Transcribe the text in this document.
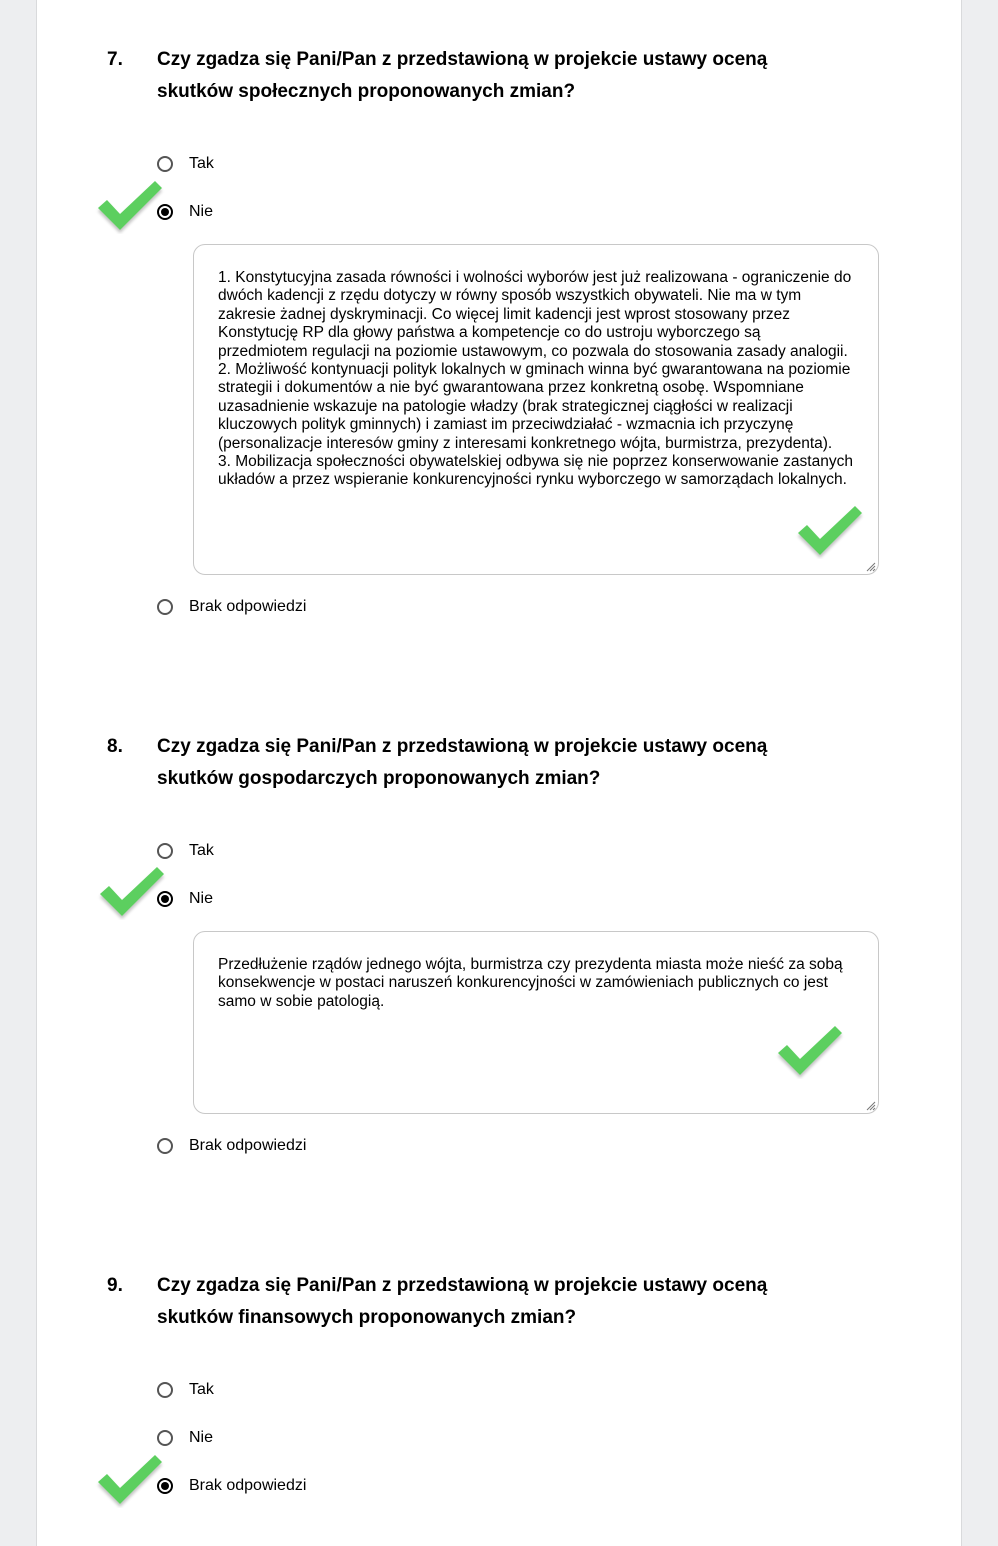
7. Czy zgadza się Pani/Pan z przedstawioną w projekcie ustawy oceną skutków społecznych proponowanych zmian?
Tak
Nie
1. Konstytucyjna zasada równości i wolności wyborów jest już realizowana - ograniczenie do dwóch kadencji z rzędu dotyczy w równy sposób wszystkich obywateli. Nie ma w tym zakresie żadnej dyskryminacji. Co więcej limit kadencji jest wprost stosowany przez Konstytucję RP dla głowy państwa a kompetencje co do ustroju wyborczego są przedmiotem regulacji na poziomie ustawowym, co pozwala do stosowania zasady analogii.
2. Możliwość kontynuacji polityk lokalnych w gminach winna być gwarantowana na poziomie strategii i dokumentów a nie być gwarantowana przez konkretną osobę. Wspomniane uzasadnienie wskazuje na patologie władzy (brak strategicznej ciągłości w realizacji kluczowych polityk gminnych) i zamiast im przeciwdziałać - wzmacnia ich przyczynę (personalizacje interesów gminy z interesami konkretnego wójta, burmistrza, prezydenta).
3. Mobilizacja społeczności obywatelskiej odbywa się nie poprzez konserwowanie zastanych układów a przez wspieranie konkurencyjności rynku wyborczego w samorządach lokalnych.
Brak odpowiedzi
8. Czy zgadza się Pani/Pan z przedstawioną w projekcie ustawy oceną skutków gospodarczych proponowanych zmian?
Tak
Nie
Przedłużenie rządów jednego wójta, burmistrza czy prezydenta miasta może nieść za sobą konsekwencje w postaci naruszeń konkurencyjności w zamówieniach publicznych co jest samo w sobie patologią.
Brak odpowiedzi
9. Czy zgadza się Pani/Pan z przedstawioną w projekcie ustawy oceną skutków finansowych proponowanych zmian?
Tak
Nie
Brak odpowiedzi
